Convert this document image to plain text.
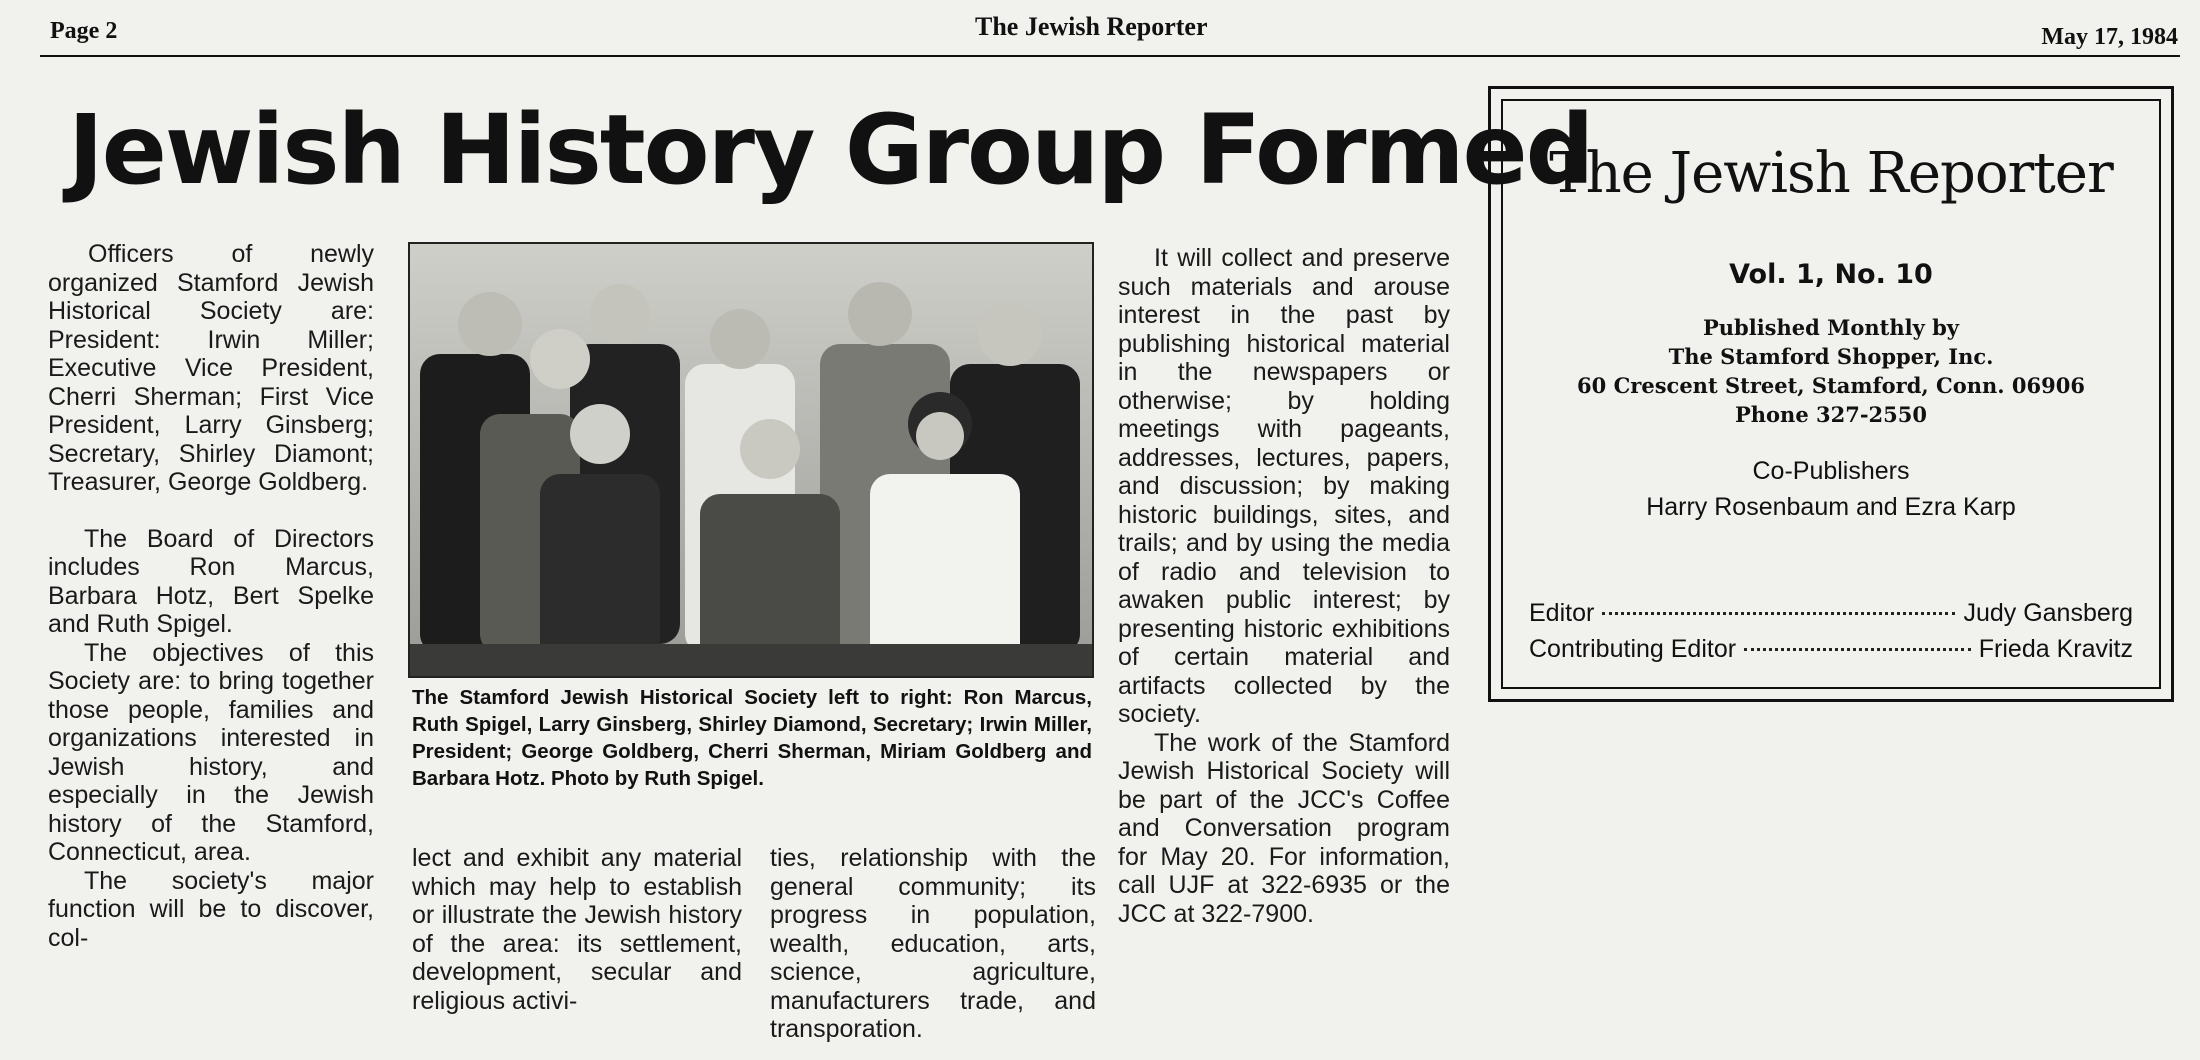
Page 2	The Jewish Reporter	May 17, 1984
Jewish History Group Formed

Officers of newly organized Stamford Jewish Historical Society are: President: Irwin Miller; Executive Vice President, Cherri Sherman; First Vice President, Larry Ginsberg; Secretary, Shirley Diamont; Treasurer, George Goldberg.

The Board of Directors includes Ron Marcus, Barbara Hotz, Bert Spelke and Ruth Spigel.

The objectives of this Society are: to bring together those people, families and organizations interested in Jewish history, and especially in the Jewish history of the Stamford, Connecticut, area.

The society's major function will be to discover, col-

The Stamford Jewish Historical Society left to right: Ron Marcus, Ruth Spigel, Larry Ginsberg, Shirley Diamond, Secretary; Irwin Miller, President; George Goldberg, Cherri Sherman, Miriam Goldberg and Barbara Hotz. Photo by Ruth Spigel.

lect and exhibit any material which may help to establish or illustrate the Jewish history of the area: its settlement, development, secular and religious activi-

ties, relationship with the general community; its progress in population, wealth, education, arts, science, agriculture, manufacturers trade, and transporation.

It will collect and preserve such materials and arouse interest in the past by publishing historical material in the newspapers or otherwise; by holding meetings with pageants, addresses, lectures, papers, and discussion; by making historic buildings, sites, and trails; and by using the media of radio and television to awaken public interest; by presenting historic exhibitions of certain material and artifacts collected by the society.

The work of the Stamford Jewish Historical Society will be part of the JCC's Coffee and Conversation program for May 20. For information, call UJF at 322-6935 or the JCC at 322-7900.

The Jewish Reporter
Vol. 1, No. 10
Published Monthly by
The Stamford Shopper, Inc.
60 Crescent Street, Stamford, Conn. 06906
Phone 327-2550
Co-Publishers
Harry Rosenbaum and Ezra Karp
Editor	Judy Gansberg
Contributing Editor	Frieda Kravitz
